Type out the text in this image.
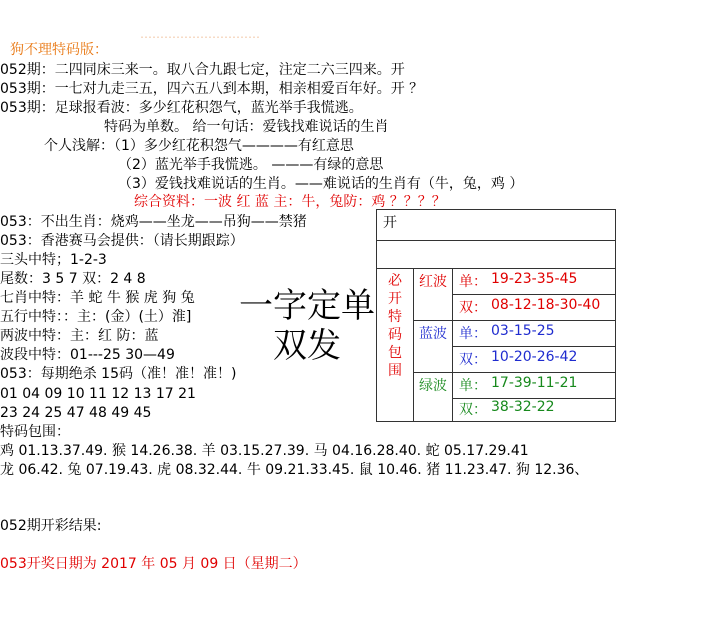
…………………………
狗不理特码版：
052期：二四同床三来一。取八合九跟七定，注定二六三四来。开
053期：一七对九走三五，四六五八到本期，相亲相爱百年好。开 ？
053期：足球报看波：多少红花积怨气，蓝光举手我慌逃。
特码为单数。 给一句话：爱钱找难说话的生肖
个人浅解：（1）多少红花积怨气————有红意思
（2）蓝光举手我慌逃。 ———有绿的意思
（3）爱钱找难说话的生肖。——难说话的生肖有（牛，兔，鸡 ）
综合资料：一波 红 蓝 主：牛，兔防：鸡 ？？？？
053：不出生肖：烧鸡——坐龙——吊狗——禁猪
053：香港赛马会提供：（请长期跟踪）
三头中特；1-2-3
尾数：3 5 7 双：2 4 8
七肖中特：羊 蛇 牛 猴 虎 狗 兔
五行中特：：主：(金）(土）淮]
两波中特：主：红 防：蓝
波段中特：01---25 30—49
053：每期绝杀 15码（准！准！准！)
01 04 09 10 11 12 13 17 21
23 24 25 47 48 49 45
特码包围：
鸡 01.13.37.49. 猴 14.26.38. 羊 03.15.27.39. 马 04.16.28.40. 蛇 05.17.29.41
龙 06.42. 兔 07.19.43. 虎 08.32.44. 牛 09.21.33.45. 鼠 10.46. 猪 11.23.47. 狗 12.36、
052期开彩结果:
053开奖日期为 2017 年 05 月 09 日（星期二）
一字定单双发
开
必
开
特
码
包
围
红波
蓝波
绿波
单： 19-23-35-45
双： 08-12-18-30-40
单： 03-15-25
双： 10-20-26-42
单： 17-39-11-21
双： 38-32-22
